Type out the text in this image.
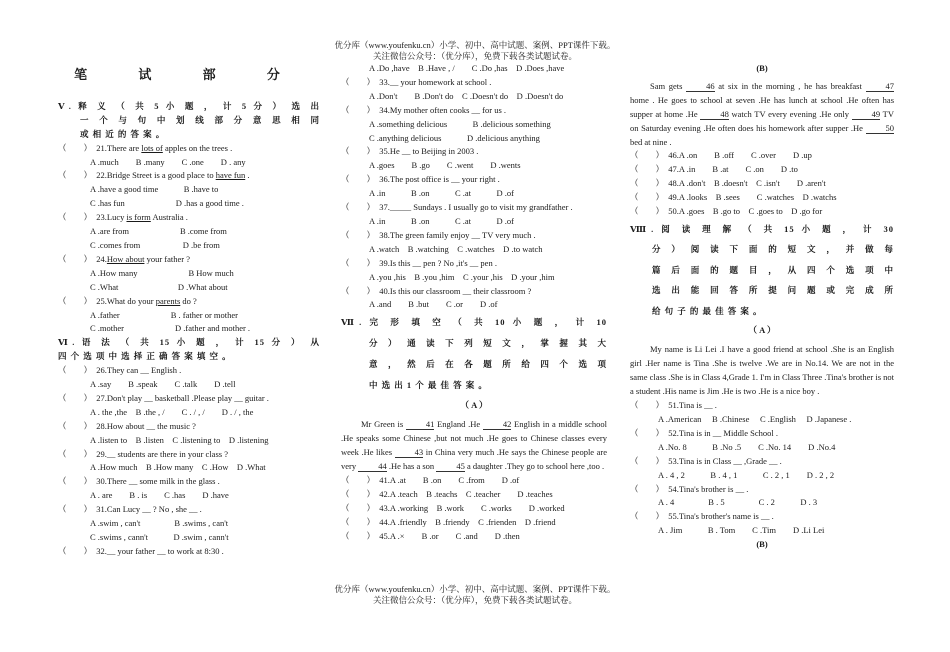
优分库（www.youfenku.cn）小学、初中、高中试题、案例、PPT课件下载。
关注微信公众号：（优分库），免费下载各类试题试卷。
笔 试 部 分
Ⅴ. 释 义 （ 共 5 小 题 ， 计 5 分 ） 选 出
一 个 与 句 中 划 线 部 分 意 思 相 同
或 相 近 的 答 案 。
（　　）　21.There are lots of apples on the trees .
A .much　　B .many　　C .one　　D . any
（　　）　22.Bridge Street is a good place to have fun .
A .have a good time　　　B .have to
C .has fun　　　　　　D .has a good time .
（　　）　23.Lucy is form Australia .
A .are from　　　　　　B .come from
C .comes from　　　　　D .be from
（　　）　24.How about your father ?
A .How many　　　　　　B How much
C .What　　　　　　　D .What about
（　　）　25.What do your parents do ?
A .father　　　　　　B . father or mother
C .mother　　　　　　D .father and mother .
Ⅵ. 语 法 （ 共 15 小 题 ， 计 15 分 ） 从
四 个 选 项 中 选 择 正 确 答 案 填 空 。
（　　）　26.They can __ English .
A .say　　B .speak　　C .talk　　D .tell
（　　）　27.Don't play __ basketball .Please play __ guitar .
A . the ,the　B .the , /　　C . / , /　　D . / , the
（　　）　28.How about __ the music ?
A .listen to　B .listen　C .listening to　D .listening
（　　）　29.__ students are there in your class ?
A .How much　B .How many　C .How　D .What
（　　）　30.There __ some milk in the glass .
A . are　　B . is　　C .has　　D .have
（　　）　31.Can Lucy __ ? No , she __ .
A .swim , can't　　　　B .swims , can't
C .swims , cann't　　　D .swim , cann't
（　　）　32.__ your father __ to work at 8:30 .
A .Do ,have　B .Have , /　　C .Do ,has　D .Does ,have
（　　）　33.__ your homework at school .
A .Don't　　B .Don't do　C .Doesn't do　D .Doesn't do
（　　）　34.My mother often cooks __ for us .
A .something delicious　　　B .delicious something
C .anything delicious　　　D .delicious anything
（　　）　35.He __ to Beijing in 2003 .
A .goes　　B .go　　C .went　　D .wents
（　　）　36.The post office is __ your right .
A .in　　　B .on　　　C .at　　　D .of
（　　）　37._____ Sundays . I usually go to visit my grandfather .
A .in　　　B .on　　　C .at　　　D .of
（　　）　38.The green family enjoy __ TV very much .
A .watch　B .watching　C .watches　D .to watch
（　　）　39.Is this __ pen ? No ,it's __ pen .
A .you ,his　B .you ,him　C .your ,his　D .your ,him
（　　）　40.Is this our classroom __ their classroom ?
A .and　　B .but　　C .or　　D .of
Ⅶ. 完 形 填 空 （ 共 10 小 题 ， 计 10
分 ） 通 读 下 列 短 文 ， 掌 握 其 大
意 ， 然 后 在 各 题 所 给 四 个 选 项
中 选 出 1 个 最 佳 答 案 。
（ A ）
Mr Green is 41 England .He 42 English in a middle school .He speaks some Chinese ,but not much .He goes to Chinese classes every week .He likes 43 in China very much .He says the Chinese people are very 44 .He has a son 45 a daughter .They go to school here ,too .
（　　）　41.A .at　　B .on　　C .from　　D .of
（　　）　42.A .teach　B .teachs　C .teacher　　D .teaches
（　　）　43.A .working　B .work　　C .works　　D .worked
（　　）　44.A .friendly　B .friendy　C .frienden　D .friend
（　　）　45.A .×　　B .or　　C .and　　D .then
(B)
Sam gets 46 at six in the morning , he has breakfast 47 home . He goes to school at seven .He has lunch at school .He often has supper at home .He 48 watch TV every evening .He only 49 TV on Saturday evening .He often does his homework after supper .He 50 bed at nine .
（　　）　46.A .on　　B .off　　C .over　　D .up
（　　）　47.A .in　　B .at　　C .on　　D .to
（　　）　48.A .don't　B .doesn't　C .isn't　　D .aren't
（　　）　49.A .looks　B .sees　　C .watches　D .watchs
（　　）　50.A .goes　B .go to　C .goes to　D .go for
Ⅷ. 阅 读 理 解 （ 共 15 小 题 ， 计 30
分 ） 阅 读 下 面 的 短 文 ， 并 做 每
篇 后 面 的 题 目 ， 从 四 个 选 项 中
选 出 能 回 答 所 提 问 题 或 完 成 所
给 句 子 的 最 佳 答 案 。
（ A ）
My name is Li Lei .I have a good friend at school .She is an English girl .Her name is Tina .She is twelve .We are in No.14. We are not in the same class .She is in Class 4,Grade 1. I'm in Class Three .Tina's brother is not a student .His name is Jim .He is two .He is a nice boy .
（　　）　51.Tina is __ .
A .American　 B .Chinese　 C .English　 D .Japanese .
（　　）　52.Tina is in __ Middle School .
A .No. 8　　　B .No .5　　C .No. 14　　D .No.4
（　　）　53.Tina is in Class __ ,Grade __ .
A . 4 , 2　　　B . 4 , 1　　　C . 2 , 1　　D . 2 , 2
（　　）　54.Tina's brother is __ .
A . 4　　　　B . 5　　　　C . 2　　　D . 3
（　　）　55.Tina's brother's name is __ .
A . Jim　　　B . Tom　　C .Tim　　D .Li Lei
(B)
优分库（www.youfenku.cn）小学、初中、高中试题、案例、PPT课件下载。
关注微信公众号：（优分库），免费下载各类试题试卷。
